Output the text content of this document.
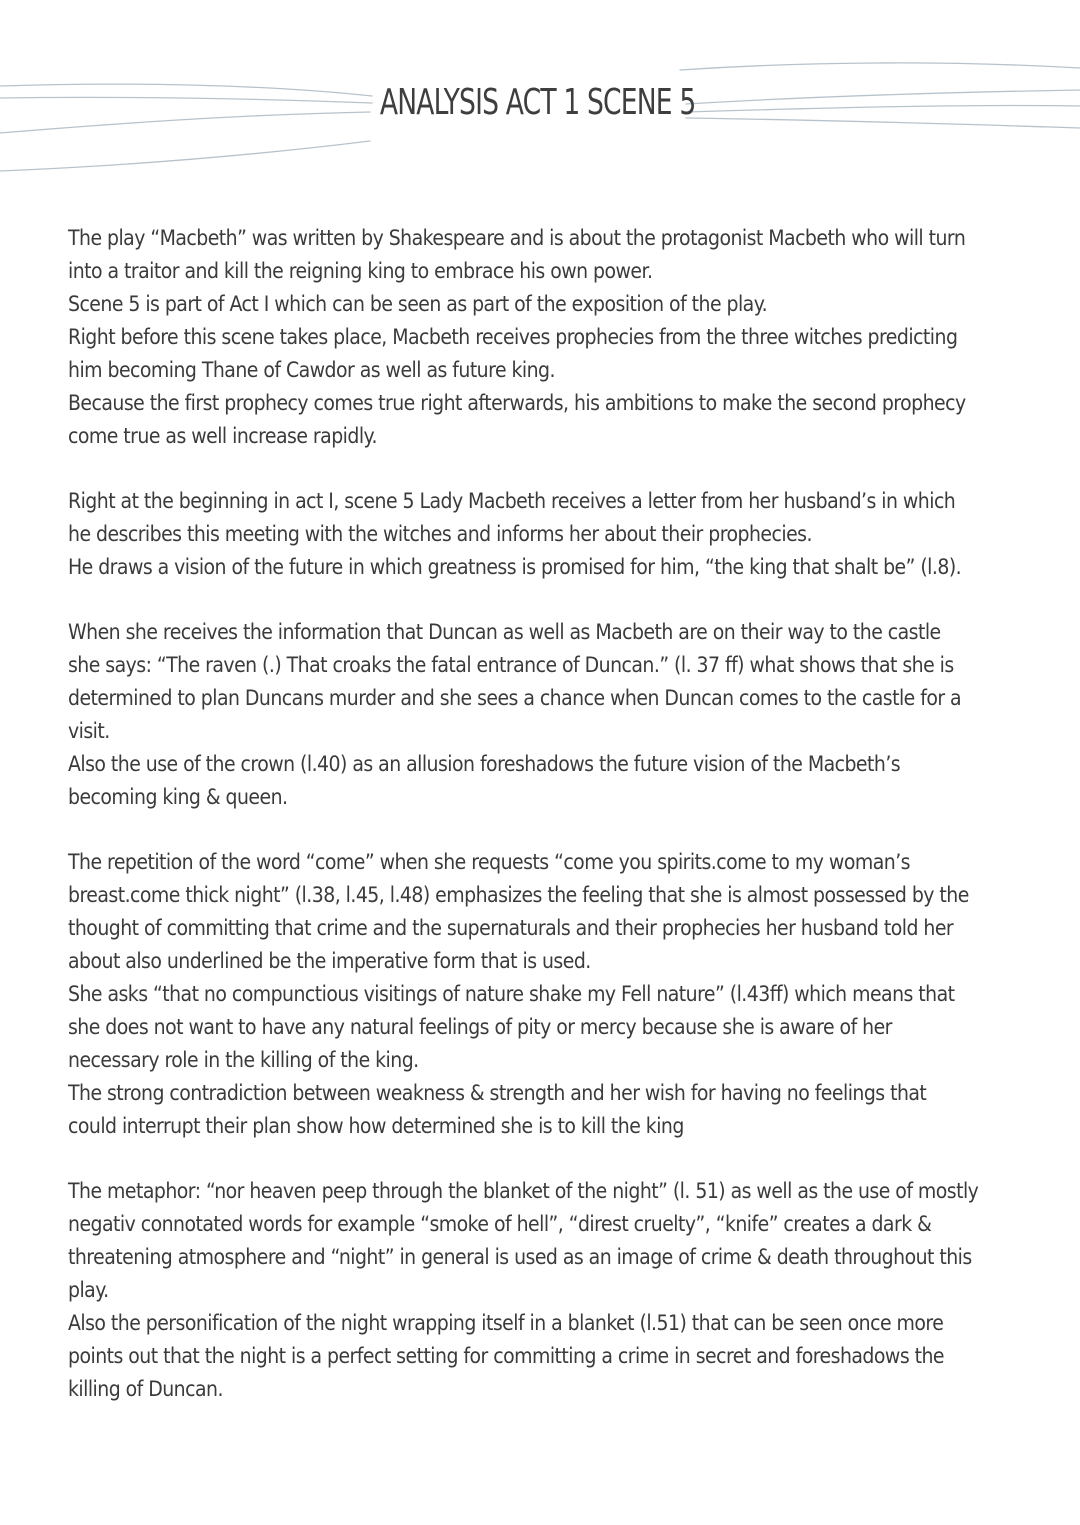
ANALYSIS ACT 1 SCENE 5
The play “Macbeth” was written by Shakespeare and is about the protagonist Macbeth who will turn
into a traitor and kill the reigning king to embrace his own power.
Scene 5 is part of Act I which can be seen as part of the exposition of the play.
Right before this scene takes place, Macbeth receives prophecies from the three witches predicting
him becoming Thane of Cawdor as well as future king.
Because the first prophecy comes true right afterwards, his ambitions to make the second prophecy
come true as well increase rapidly.
Right at the beginning in act I, scene 5 Lady Macbeth receives a letter from her husband’s in which
he describes this meeting with the witches and informs her about their prophecies.
He draws a vision of the future in which greatness is promised for him, “the king that shalt be” (l.8).
When she receives the information that Duncan as well as Macbeth are on their way to the castle
she says: “The raven (.) That croaks the fatal entrance of Duncan.” (l. 37 ff) what shows that she is
determined to plan Duncans murder and she sees a chance when Duncan comes to the castle for a
visit.
Also the use of the crown (l.40) as an allusion foreshadows the future vision of the Macbeth’s
becoming king & queen.
The repetition of the word “come” when she requests “come you spirits.come to my woman’s
breast.come thick night” (l.38, l.45, l.48) emphasizes the feeling that she is almost possessed by the
thought of committing that crime and the supernaturals and their prophecies her husband told her
about also underlined be the imperative form that is used.
She asks “that no compunctious visitings of nature shake my Fell nature” (l.43ff) which means that
she does not want to have any natural feelings of pity or mercy because she is aware of her
necessary role in the killing of the king.
The strong contradiction between weakness & strength and her wish for having no feelings that
could interrupt their plan show how determined she is to kill the king
The metaphor: “nor heaven peep through the blanket of the night” (l. 51) as well as the use of mostly
negativ connotated words for example “smoke of hell”, “direst cruelty”, “knife” creates a dark &
threatening atmosphere and “night” in general is used as an image of crime & death throughout this
play.
Also the personification of the night wrapping itself in a blanket (l.51) that can be seen once more
points out that the night is a perfect setting for committing a crime in secret and foreshadows the
killing of Duncan.
